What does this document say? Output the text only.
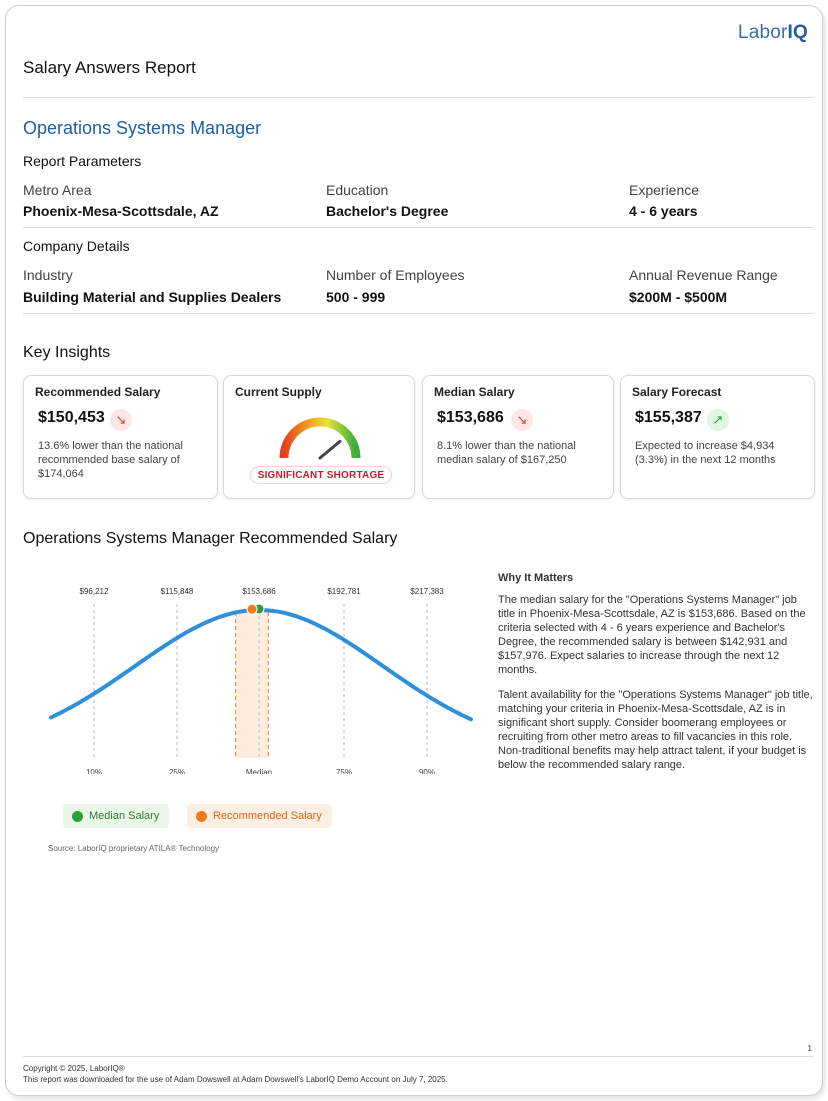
LaborIQ
Salary Answers Report
Operations Systems Manager
Report Parameters
Metro Area
Phoenix-Mesa-Scottsdale, AZ
Education
Bachelor's Degree
Experience
4 - 6 years
Company Details
Industry
Building Material and Supplies Dealers
Number of Employees
500 - 999
Annual Revenue Range
$200M - $500M
Key Insights
Recommended Salary
$150,453 ↘
13.6% lower than the national recommended base salary of $174,064
Current Supply
SIGNIFICANT SHORTAGE
Median Salary
$153,686 ↘
8.1% lower than the national median salary of $167,250
Salary Forecast
$155,387 ↗
Expected to increase $4,934 (3.3%) in the next 12 months
Operations Systems Manager Recommended Salary
$96,212
10%
$115,848
25%
$153,686
Median
$192,781
75%
$217,383
90%
Median Salary	Recommended Salary
Source: LaborIQ proprietary ATILA® Technology
Why It Matters
The median salary for the "Operations Systems Manager" job title in Phoenix-Mesa-Scottsdale, AZ is $153,686. Based on the criteria selected with 4 - 6 years experience and Bachelor's Degree, the recommended salary is between $142,931 and $157,976. Expect salaries to increase through the next 12 months.
Talent availability for the "Operations Systems Manager" job title, matching your criteria in Phoenix-Mesa-Scottsdale, AZ is in significant short supply. Consider boomerang employees or recruiting from other metro areas to fill vacancies in this role. Non-traditional benefits may help attract talent, if your budget is below the recommended salary range.
1
Copyright © 2025, LaborIQ®
This report was downloaded for the use of Adam Dowswell at Adam Dowswell's LaborIQ Demo Account on July 7, 2025.
